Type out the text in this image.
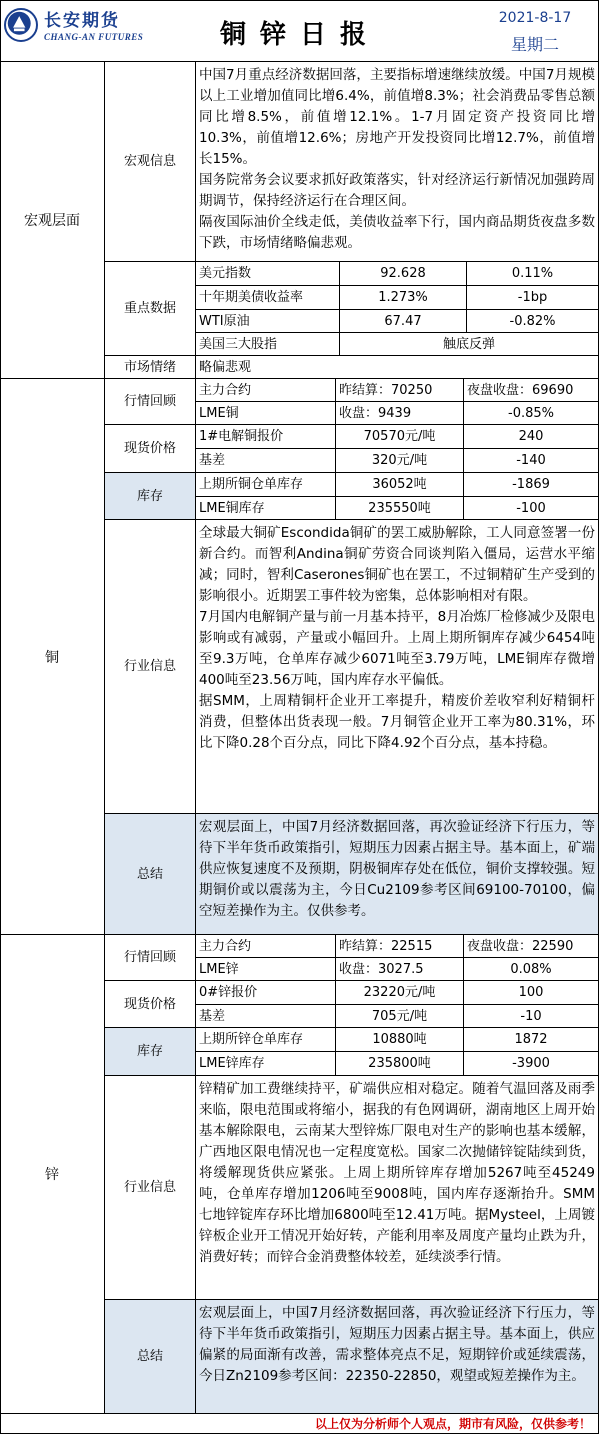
长安期货
CHANG-AN FUTURES	铜锌日报
2021-8-17
星期二
宏观层面
宏观信息

中国7月重点经济数据回落，主要指标增速继续放缓。中国7月规模以上工业增加值同比增6.4%，前值增8.3%；社会消费品零售总额同比增8.5%，前值增12.1%。1-7月固定资产投资同比增10.3%，前值增12.6%；房地产开发投资同比增12.7%，前值增长15%。

国务院常务会议要求抓好政策落实，针对经济运行新情况加强跨周期调节，保持经济运行在合理区间。

隔夜国际油价全线走低，美债收益率下行，国内商品期货夜盘多数下跌，市场情绪略偏悲观。

重点数据
美元指数	92.628	0.11%
十年期美债收益率	1.273%	-1bp
WTI原油	67.47	-0.82%
美国三大股指	触底反弹
市场情绪	略偏悲观
铜
行情回顾
主力合约	昨结算：70250	夜盘收盘：69690
LME铜	收盘：9439	-0.85%
现货价格
1#电解铜报价	70570元/吨	240
基差	320元/吨	-140
库存
上期所铜仓单库存	36052吨	-1869
LME铜库存	235550吨	-100
行业信息

全球最大铜矿Escondida铜矿的罢工威胁解除，工人同意签署一份新合约。而智利Andina铜矿劳资合同谈判陷入僵局，运营水平缩减；同时，智利Caserones铜矿也在罢工，不过铜精矿生产受到的影响很小。近期罢工事件较为密集，总体影响相对有限。

7月国内电解铜产量与前一月基本持平，8月冶炼厂检修减少及限电影响或有减弱，产量或小幅回升。上周上期所铜库存减少6454吨至9.3万吨，仓单库存减少6071吨至3.79万吨，LME铜库存微增400吨至23.56万吨，国内库存水平偏低。

据SMM，上周精铜杆企业开工率提升，精废价差收窄利好精铜杆消费，但整体出货表现一般。7月铜管企业开工率为80.31%，环比下降0.28个百分点，同比下降4.92个百分点，基本持稳。

总结

宏观层面上，中国7月经济数据回落，再次验证经济下行压力，等待下半年货币政策指引，短期压力因素占据主导。基本面上，矿端供应恢复速度不及预期，阴极铜库存处在低位，铜价支撑较强。短期铜价或以震荡为主，今日Cu2109参考区间69100-70100，偏空短差操作为主。仅供参考。

锌
行情回顾
主力合约	昨结算：22515	夜盘收盘：22590
LME锌	收盘：3027.5	0.08%
现货价格
0#锌报价	23220元/吨	100
基差	705元/吨	-10
库存
上期所锌仓单库存	10880吨	1872
LME锌库存	235800吨	-3900
行业信息

锌精矿加工费继续持平，矿端供应相对稳定。随着气温回落及雨季来临，限电范围或将缩小，据我的有色网调研，湖南地区上周开始基本解除限电，云南某大型锌炼厂限电对生产的影响也基本缓解，广西地区限电情况也一定程度宽松。国家二次抛储锌锭陆续到货，将缓解现货供应紧张。上周上期所锌库存增加5267吨至45249吨，仓单库存增加1206吨至9008吨，国内库存逐渐抬升。SMM七地锌锭库存环比增加6800吨至12.41万吨。据Mysteel，上周镀锌板企业开工情况开始好转，产能利用率及周度产量均止跌为升，消费好转；而锌合金消费整体较差，延续淡季行情。

总结

宏观层面上，中国7月经济数据回落，再次验证经济下行压力，等待下半年货币政策指引，短期压力因素占据主导。基本面上，供应偏紧的局面渐有改善，需求整体亮点不足，短期锌价或延续震荡，今日Zn2109参考区间：22350-22850，观望或短差操作为主。

以上仅为分析师个人观点，期市有风险，仅供参考！
